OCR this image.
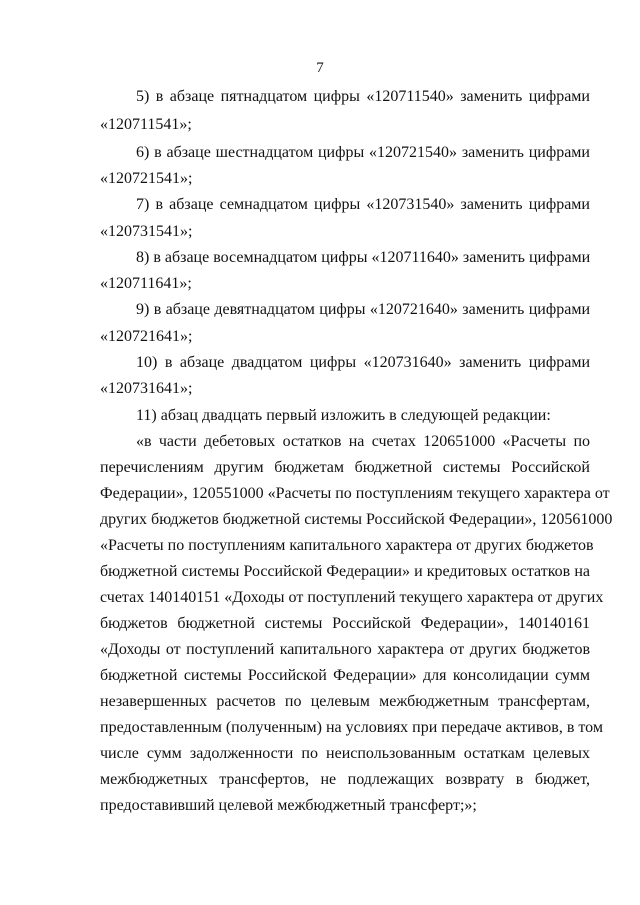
7
5) в абзаце пятнадцатом цифры «120711540» заменить цифрами
«120711541»;
6) в абзаце шестнадцатом цифры «120721540» заменить цифрами
«120721541»;
7) в абзаце семнадцатом цифры «120731540» заменить цифрами
«120731541»;
8) в абзаце восемнадцатом цифры «120711640» заменить цифрами
«120711641»;
9) в абзаце девятнадцатом цифры «120721640» заменить цифрами
«120721641»;
10) в абзаце двадцатом цифры «120731640» заменить цифрами
«120731641»;
11) абзац двадцать первый изложить в следующей редакции:
«в части дебетовых остатков на счетах 120651000 «Расчеты по
перечислениям другим бюджетам бюджетной системы Российской
Федерации», 120551000 «Расчеты по поступлениям текущего характера от
других бюджетов бюджетной системы Российской Федерации», 120561000
«Расчеты по поступлениям капитального характера от других бюджетов
бюджетной системы Российской Федерации» и кредитовых остатков на
счетах 140140151 «Доходы от поступлений текущего характера от других
бюджетов бюджетной системы Российской Федерации», 140140161
«Доходы от поступлений капитального характера от других бюджетов
бюджетной системы Российской Федерации» для консолидации сумм
незавершенных расчетов по целевым межбюджетным трансфертам,
предоставленным (полученным) на условиях при передаче активов, в том
числе сумм задолженности по неиспользованным остаткам целевых
межбюджетных трансфертов, не подлежащих возврату в бюджет,
предоставивший целевой межбюджетный трансферт;»;
